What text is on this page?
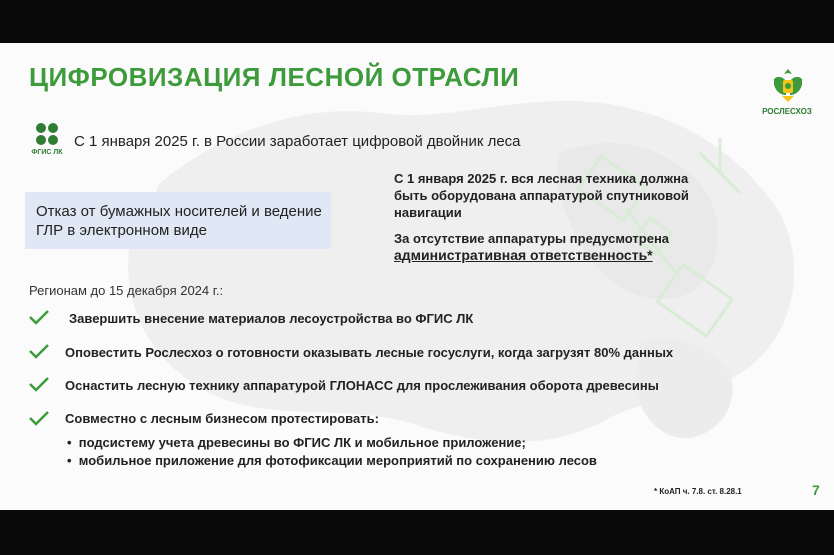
ЦИФРОВИЗАЦИЯ ЛЕСНОЙ ОТРАСЛИ
РОСЛЕСХОЗ
ФГИС ЛК
С 1 января 2025 г. в России заработает цифровой двойник леса
Отказ от бумажных носителей и ведение ГЛР в электронном виде
С 1 января 2025 г. вся лесная техника должна быть оборудована аппаратурой спутниковой навигации
За отсутствие аппаратуры предусмотрена
административная ответственность*
Регионам до 15 декабря 2024 г.:
Завершить внесение материалов лесоустройства во ФГИС ЛК
Оповестить Рослесхоз о готовности оказывать лесные госуслуги, когда загрузят 80% данных
Оснастить лесную технику аппаратурой ГЛОНАСС для прослеживания оборота древесины
Совместно с лесным бизнесом протестировать:
•  подсистему учета древесины во ФГИС ЛК и мобильное приложение;
•  мобильное приложение для фотофиксации мероприятий по сохранению лесов
* КоАП ч. 7.8. ст. 8.28.1	7
